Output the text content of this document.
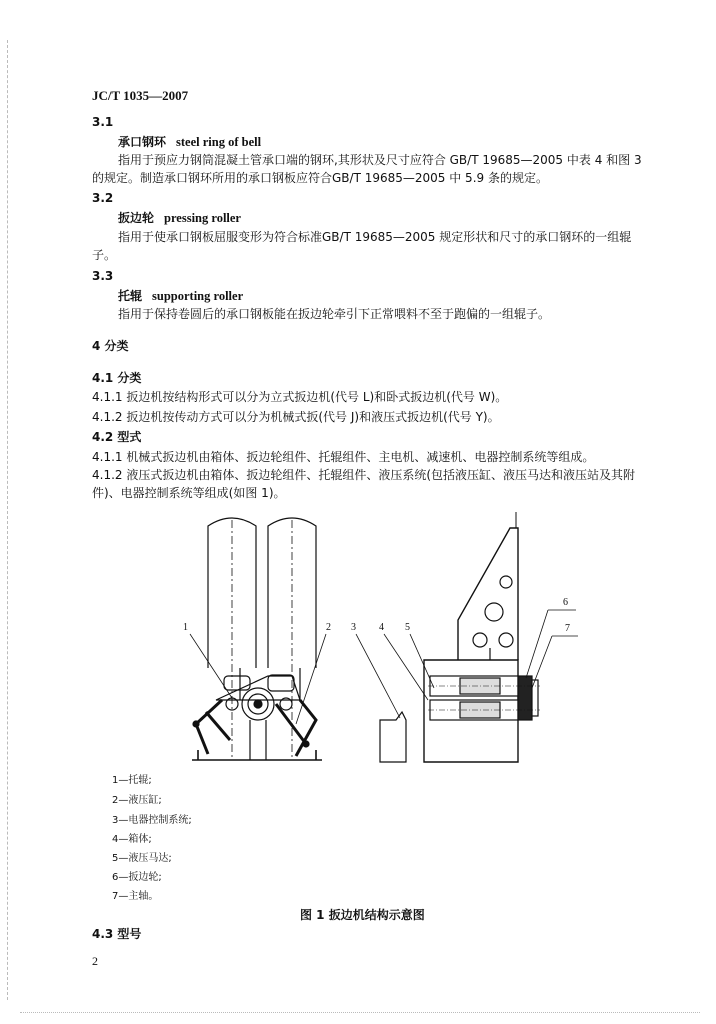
JC/T 1035—2007
3.1
承口钢环 steel ring of bell
指用于预应力钢筒混凝土管承口端的钢环,其形状及尺寸应符合 GB/T 19685—2005 中表 4 和图 3 的规定。制造承口钢环所用的承口钢板应符合GB/T 19685—2005 中 5.9 条的规定。
3.2
扳边轮 pressing roller
指用于使承口钢板屈服变形为符合标准GB/T 19685—2005 规定形状和尺寸的承口钢环的一组辊子。
3.3
托辊 supporting roller
指用于保持卷圆后的承口钢板能在扳边轮牵引下正常喂料不至于跑偏的一组辊子。
4 分类
4.1 分类
4.1.1 扳边机按结构形式可以分为立式扳边机(代号 L)和卧式扳边机(代号 W)。
4.1.2 扳边机按传动方式可以分为机械式扳(代号 J)和液压式扳边机(代号 Y)。
4.2 型式
4.1.1 机械式扳边机由箱体、扳边轮组件、托辊组件、主电机、减速机、电器控制系统等组成。
4.1.2 液压式扳边机由箱体、扳边轮组件、托辊组件、液压系统(包括液压缸、液压马达和液压站及其附件)、电器控制系统等组成(如图 1)。
1	2 3 4 5
6
7
1—托辊;
2—液压缸;
3—电器控制系统;
4—箱体;
5—液压马达;
6—扳边轮;
7—主轴。
图 1 扳边机结构示意图
4.3 型号
2
